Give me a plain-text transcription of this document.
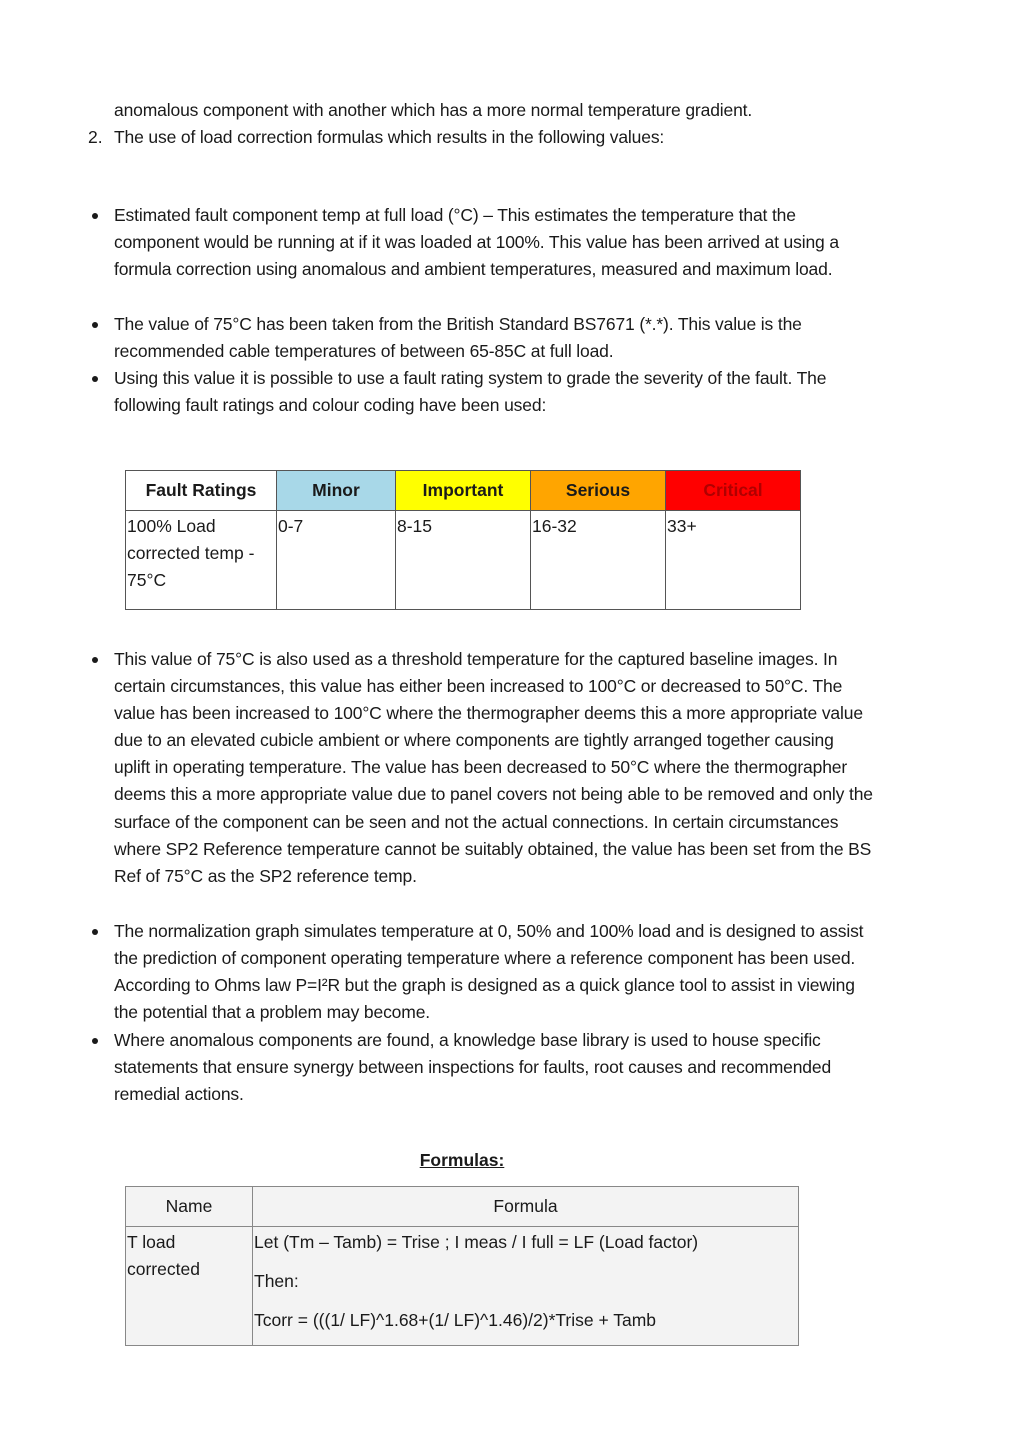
anomalous component with another which has a more normal temperature gradient.
2. The use of load correction formulas which results in the following values:
Estimated fault component temp at full load (°C) – This estimates the temperature that the component would be running at if it was loaded at 100%. This value has been arrived at using a formula correction using anomalous and ambient temperatures, measured and maximum load.
The value of 75°C has been taken from the British Standard BS7671 (*.*). This value is the recommended cable temperatures of between 65-85C at full load.
Using this value it is possible to use a fault rating system to grade the severity of the fault. The following fault ratings and colour coding have been used:
Fault Ratings	Minor	Important	Serious	Critical
100% Load corrected temp - 75°C	0-7	8-15	16-32	33+
This value of 75°C is also used as a threshold temperature for the captured baseline images. In certain circumstances, this value has either been increased to 100°C or decreased to 50°C. The value has been increased to 100°C where the thermographer deems this a more appropriate value due to an elevated cubicle ambient or where components are tightly arranged together causing uplift in operating temperature. The value has been decreased to 50°C where the thermographer deems this a more appropriate value due to panel covers not being able to be removed and only the surface of the component can be seen and not the actual connections. In certain circumstances where SP2 Reference temperature cannot be suitably obtained, the value has been set from the BS Ref of 75°C as the SP2 reference temp.
The normalization graph simulates temperature at 0, 50% and 100% load and is designed to assist the prediction of component operating temperature where a reference component has been used. According to Ohms law P=I²R but the graph is designed as a quick glance tool to assist in viewing the potential that a problem may become.
Where anomalous components are found, a knowledge base library is used to house specific statements that ensure synergy between inspections for faults, root causes and recommended remedial actions.
Formulas:
Name	Formula
T load corrected	Let (Tm – Tamb) = Trise ; I meas / I full = LF (Load factor)
Then:
Tcorr = (((1/ LF)^1.68+(1/ LF)^1.46)/2)*Trise + Tamb
